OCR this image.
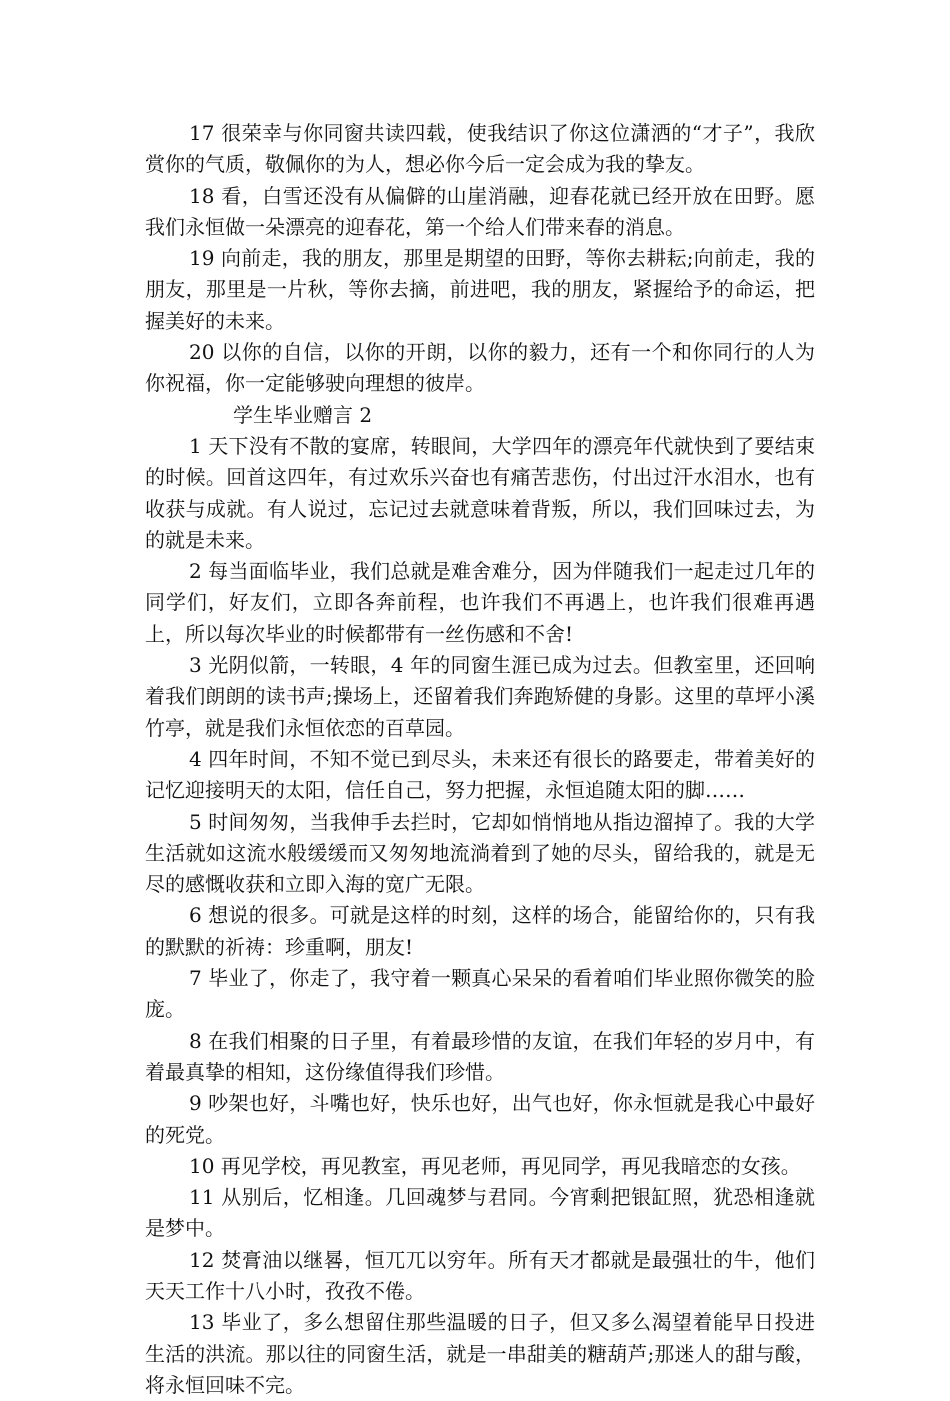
17 很荣幸与你同窗共读四载，使我结识了你这位潇洒的“才子”，我欣赏你的气质，敬佩你的为人，想必你今后一定会成为我的挚友。

18 看，白雪还没有从偏僻的山崖消融，迎春花就已经开放在田野。愿我们永恒做一朵漂亮的迎春花，第一个给人们带来春的消息。

19 向前走，我的朋友，那里是期望的田野，等你去耕耘;向前走，我的朋友，那里是一片秋，等你去摘，前进吧，我的朋友，紧握给予的命运，把握美好的未来。

20 以你的自信，以你的开朗，以你的毅力，还有一个和你同行的人为你祝福，你一定能够驶向理想的彼岸。

学生毕业赠言 2

1 天下没有不散的宴席，转眼间，大学四年的漂亮年代就快到了要结束的时候。回首这四年，有过欢乐兴奋也有痛苦悲伤，付出过汗水泪水，也有收获与成就。有人说过，忘记过去就意味着背叛，所以，我们回味过去，为的就是未来。

2 每当面临毕业，我们总就是难舍难分，因为伴随我们一起走过几年的同学们，好友们，立即各奔前程，也许我们不再遇上，也许我们很难再遇上，所以每次毕业的时候都带有一丝伤感和不舍!

3 光阴似箭，一转眼，4 年的同窗生涯已成为过去。但教室里，还回响着我们朗朗的读书声;操场上，还留着我们奔跑矫健的身影。这里的草坪小溪竹亭，就是我们永恒依恋的百草园。

4 四年时间，不知不觉已到尽头，未来还有很长的路要走，带着美好的记忆迎接明天的太阳，信任自己，努力把握，永恒追随太阳的脚……

5 时间匆匆，当我伸手去拦时，它却如悄悄地从指边溜掉了。我的大学生活就如这流水般缓缓而又匆匆地流淌着到了她的尽头，留给我的，就是无尽的感慨收获和立即入海的宽广无限。

6 想说的很多。可就是这样的时刻，这样的场合，能留给你的，只有我的默默的祈祷：珍重啊，朋友!

7 毕业了，你走了，我守着一颗真心呆呆的看着咱们毕业照你微笑的脸庞。

8 在我们相聚的日子里，有着最珍惜的友谊，在我们年轻的岁月中，有着最真挚的相知，这份缘值得我们珍惜。

9 吵架也好，斗嘴也好，快乐也好，出气也好，你永恒就是我心中最好的死党。

10 再见学校，再见教室，再见老师，再见同学，再见我暗恋的女孩。

11 从别后，忆相逢。几回魂梦与君同。今宵剩把银缸照，犹恐相逢就是梦中。

12 焚膏油以继晷，恒兀兀以穷年。所有天才都就是最强壮的牛，他们天天工作十八小时，孜孜不倦。

13 毕业了，多么想留住那些温暖的日子，但又多么渴望着能早日投进生活的洪流。那以往的同窗生活，就是一串甜美的糖葫芦;那迷人的甜与酸，将永恒回味不完。
